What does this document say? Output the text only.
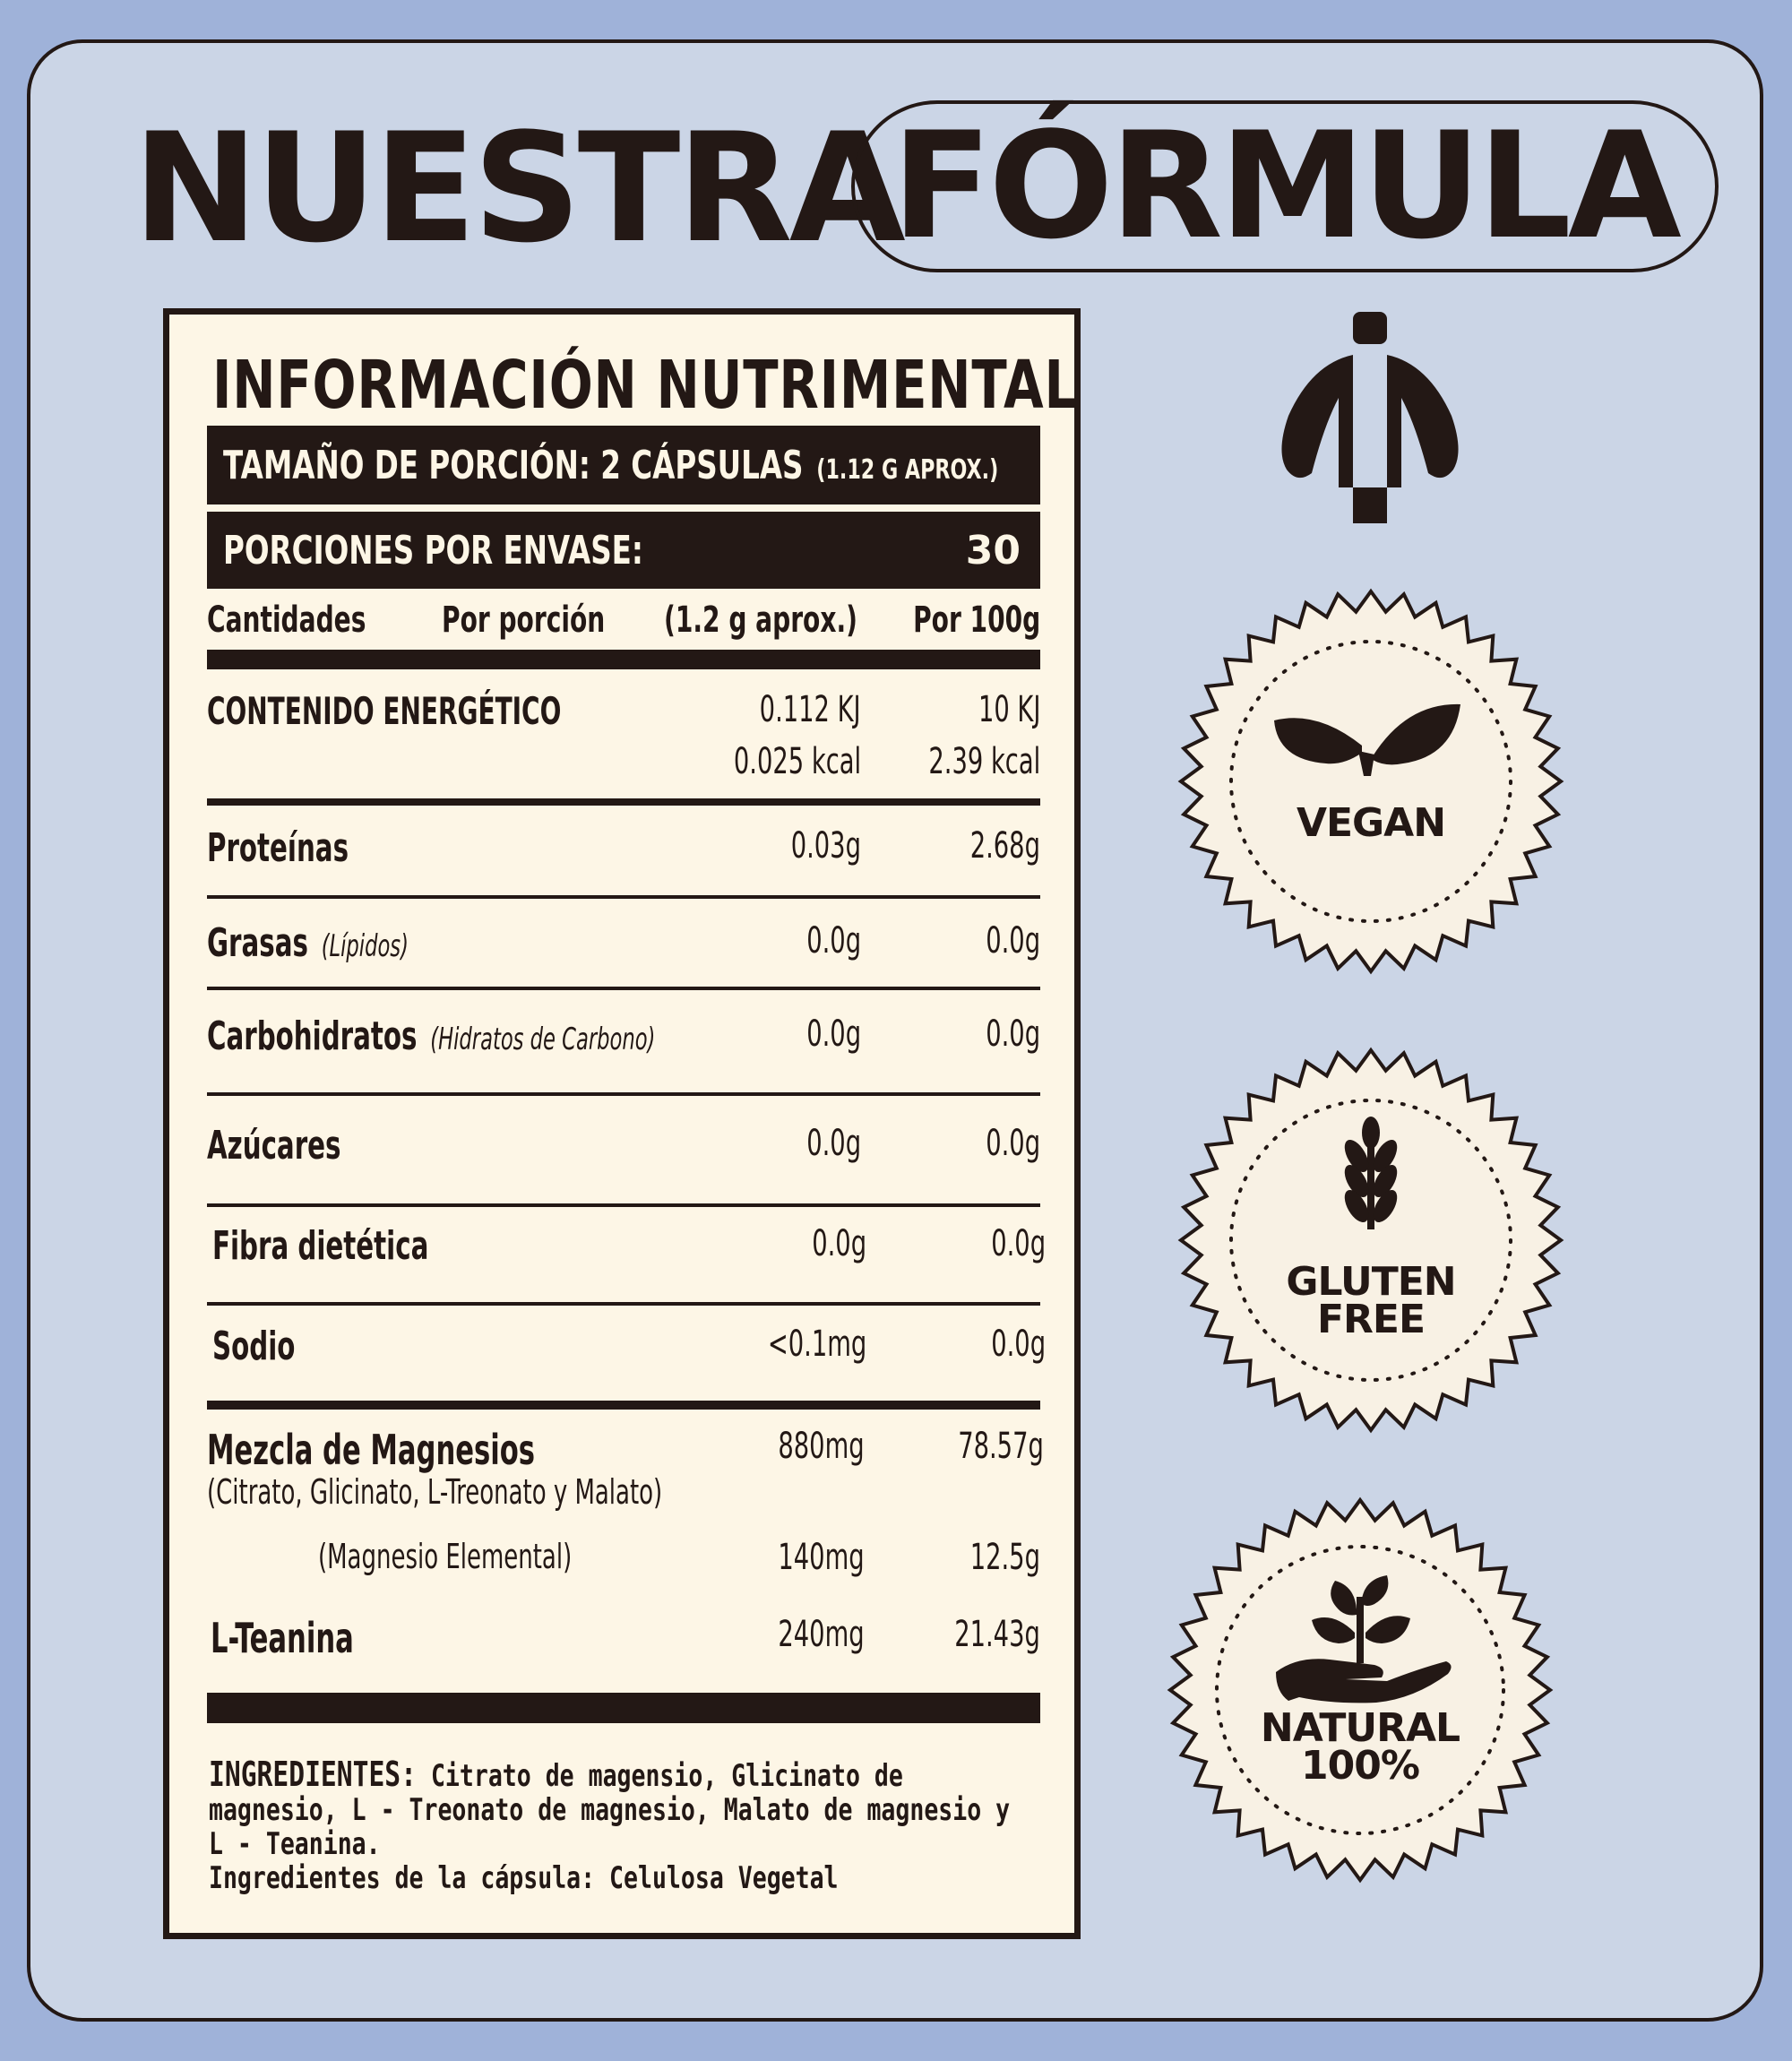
NUESTRA
FÓRMULA
INFORMACIÓN NUTRIMENTAL
TAMAÑO DE PORCIÓN: 2 CÁPSULAS (1.12 G APROX.)
PORCIONES POR ENVASE:	30
Cantidades Por porción (1.2 g aprox.) Por 100g
CONTENIDO ENERGÉTICO	0.112 KJ	10 KJ
0.025 kcal 2.39 kcal
Proteínas	0.03g	2.68g
Grasas (Lípidos)	0.0g	0.0g
Carbohidratos (Hidratos de Carbono)	0.0g	0.0g
Azúcares	0.0g	0.0g
Fibra dietética	0.0g	0.0g
Sodio	<0.1mg	0.0g
Mezcla de Magnesios	880mg	78.57g
(Citrato, Glicinato, L-Treonato y Malato)
(Magnesio Elemental)	140mg	12.5g
L-Teanina	240mg	21.43g
INGREDIENTES: Citrato de magensio, Glicinato de magnesio, L - Treonato de magnesio, Malato de magnesio y L - Teanina.
Ingredientes de la cápsula: Celulosa Vegetal
VEGAN
GLUTEN
FREE
NATURAL
100%
